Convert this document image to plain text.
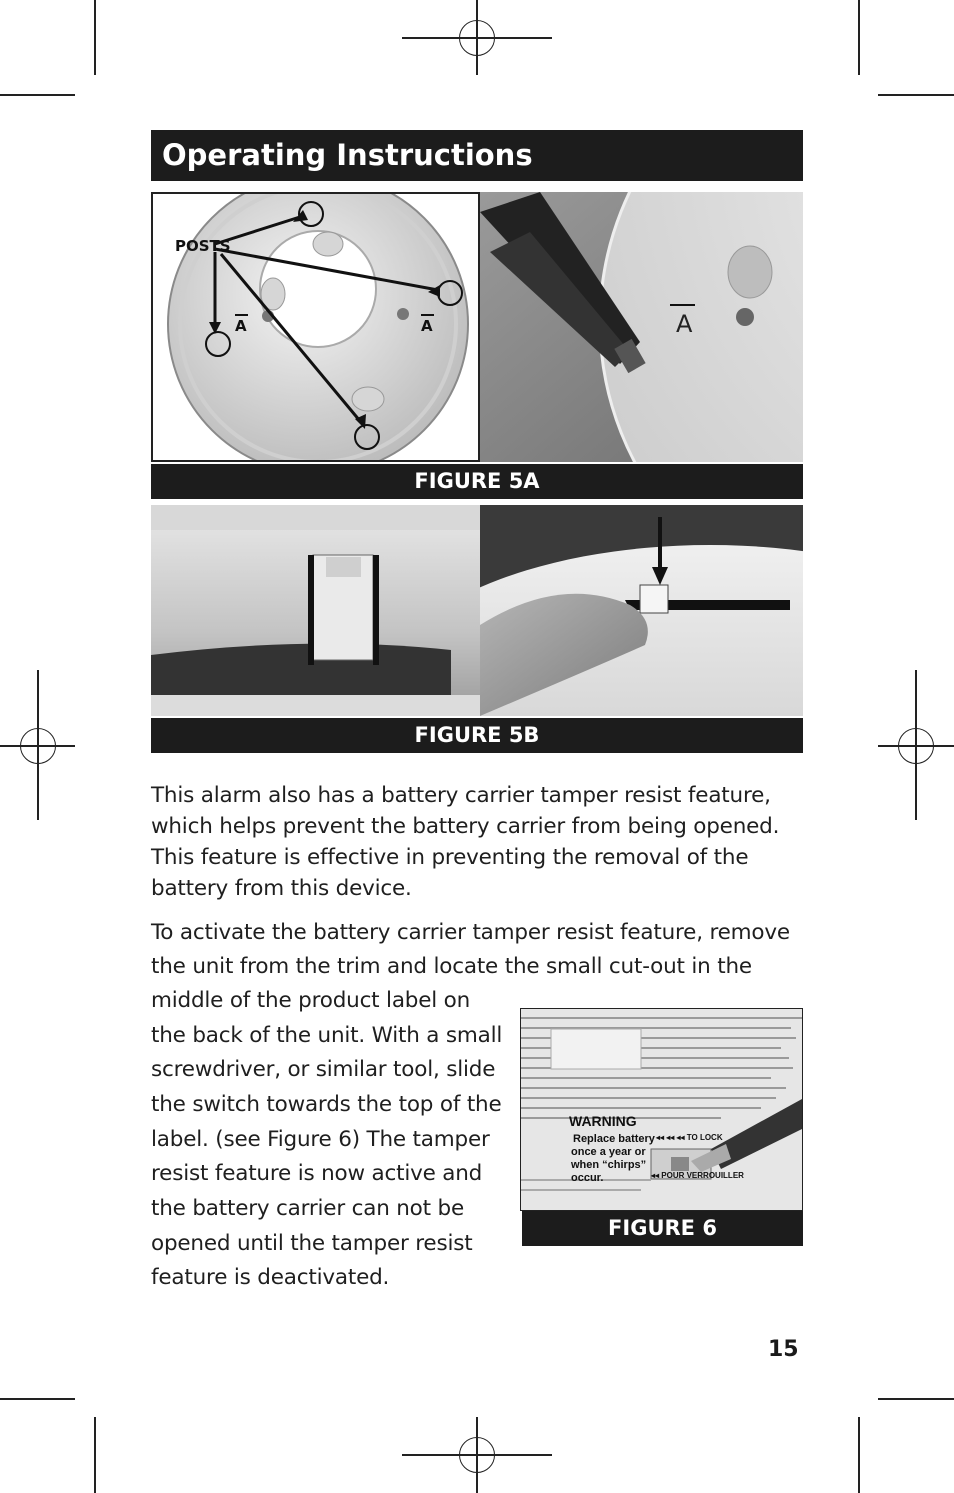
Operating Instructions
POSTS
A	A	A
FIGURE 5A
FIGURE 5B

This alarm also has a battery carrier tamper resist feature, which helps prevent the battery carrier from being opened. This feature is effective in preventing the removal of the battery from this device.

To activate the battery carrier tamper resist feature, remove
the unit from the trim and locate the small cut-out in the
middle of the product label on
the back of the unit. With a small
screwdriver, or similar tool, slide
the switch towards the top of the
label. (see Figure 6) The tamper
resist feature is now active and
the battery carrier can not be
opened until the tamper resist
feature is deactivated.
WARNING
Replace battery
once a year or
when “chirps”
occur.
◂◂ ◂◂ ◂◂ TO LOCK
◂◂ POUR VERROUILLER
FIGURE 6
15
